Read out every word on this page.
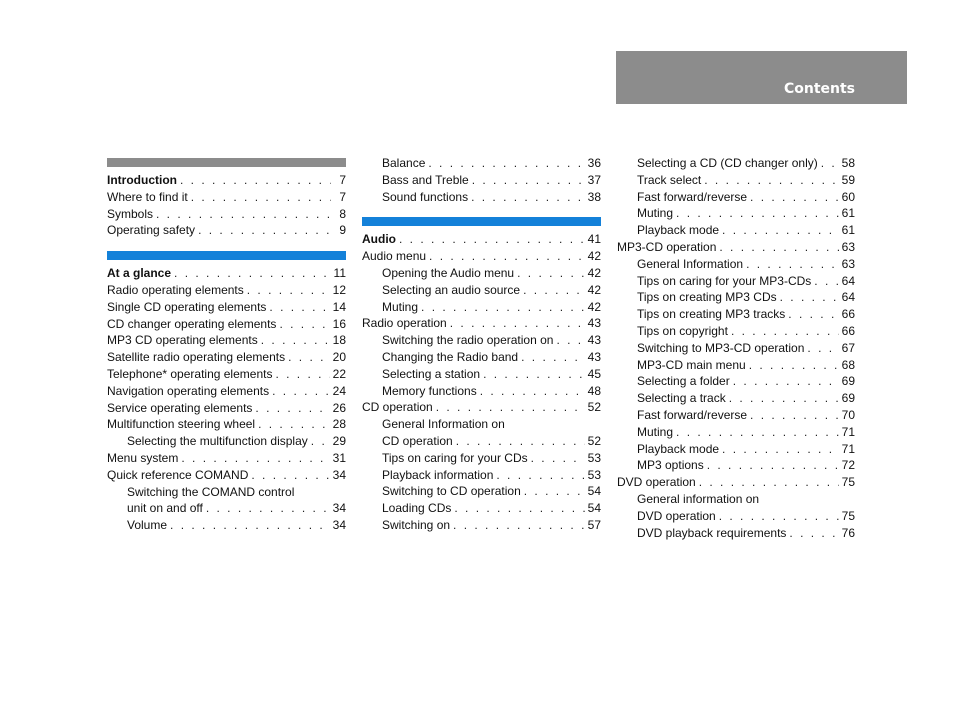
Contents
Introduction . . .	7
Where to find it . . .	7
Symbols . . .	8
Operating safety . . .	9
At a glance . . .	11
Radio operating elements . . .	12
Single CD operating elements . . .	14
CD changer operating elements . . .	16
MP3 CD operating elements . . .	18
Satellite radio operating elements . . .	20
Telephone* operating elements . . .	22
Navigation operating elements . . .	24
Service operating elements . . .	26
Multifunction steering wheel . . .	28
Selecting the multifunction display . . . 29
Menu system . . .	31
Quick reference COMAND . . .	34
Switching the COMAND control
unit on and off . . .	34
Volume . . .	34
Balance . . .	36
Bass and Treble . . .	37
Sound functions . . .	38
Audio . . .	41
Audio menu . . .	42
Opening the Audio menu . . .	42
Selecting an audio source . . .	42
Muting . . .	42
Radio operation . . .	43
Switching the radio operation on . . .	43
Changing the Radio band . . .	43
Selecting a station . . .	45
Memory functions . . .	48
CD operation . . .	52
General Information on
CD operation . . .	52
Tips on caring for your CDs . . .	53
Playback information . . .	53
Switching to CD operation . . .	54
Loading CDs . . .	54
Switching on . . .	57
Selecting a CD (CD changer only) . . . 58
Track select . . .	59
Fast forward/reverse . . .	60
Muting . . .	61
Playback mode . . .	61
MP3-CD operation . . .	63
General Information . . .	63
Tips on caring for your MP3-CDs . . .	64
Tips on creating MP3 CDs . . .	64
Tips on creating MP3 tracks . . .	66
Tips on copyright . . .	66
Switching to MP3-CD operation . . .	67
MP3-CD main menu . . .	68
Selecting a folder . . .	69
Selecting a track . . .	69
Fast forward/reverse . . .	70
Muting . . .	71
Playback mode . . .	71
MP3 options . . .	72
DVD operation . . .	75
General information on
DVD operation . . .	75
DVD playback requirements . . .	76
